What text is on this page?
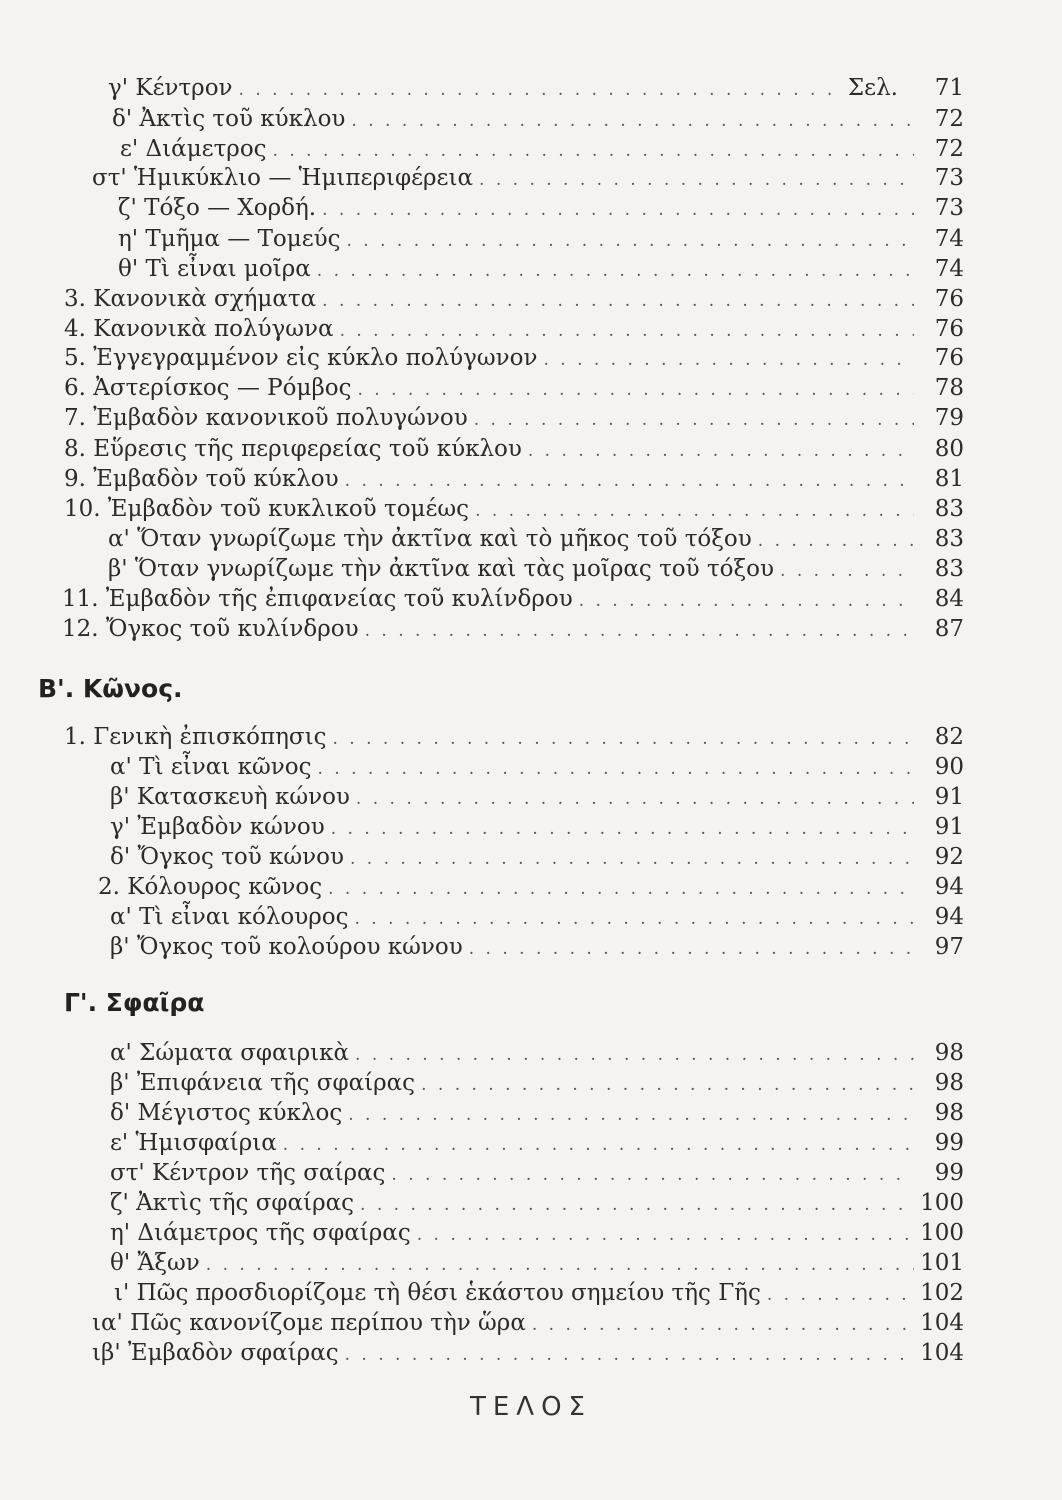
γ' Κέντρον . . .	Σελ.	71
δ' Ἀκτὶς τοῦ κύκλου . . .	72
ε' Διάμετρος . . .	72
στ' Ἡμικύκλιο — Ἡμιπεριφέρεια . . .	73
ζ' Τόξο — Χορδή. . . .	73
η' Τμῆμα — Τομεύς . . .	74
θ' Τὶ εἶναι μοῖρα . . .	74
3. Κανονικὰ σχήματα . . .	76
4. Κανονικὰ πολύγωνα . . .	76
5. Ἐγγεγραμμένον εἰς κύκλο πολύγωνον . . .	76
6. Ἀστερίσκος — Ρόμβος . . .	78
7. Ἐμβαδὸν κανονικοῦ πολυγώνου . . .	79
8. Εὕρεσις τῆς περιφερείας τοῦ κύκλου . . .	80
9. Ἐμβαδὸν τοῦ κύκλου . . .	81
10. Ἐμβαδὸν τοῦ κυκλικοῦ τομέως . . .	83
α' Ὅταν γνωρίζωμε τὴν ἀκτῖνα καὶ τὸ μῆκος τοῦ τόξου . . .	83
β' Ὅταν γνωρίζωμε τὴν ἀκτῖνα καὶ τὰς μοῖρας τοῦ τόξου . . .	83
11. Ἐμβαδὸν τῆς ἐπιφανείας τοῦ κυλίνδρου . . .	84
12. Ὄγκος τοῦ κυλίνδρου . . .	87
Β'. Κῶνος.
1. Γενικὴ ἐπισκόπησις . . .	82
α' Τὶ εἶναι κῶνος . . .	90
β' Κατασκευὴ κώνου . . .	91
γ' Ἐμβαδὸν κώνου . . .	91
δ' Ὄγκος τοῦ κώνου . . .	92
2. Κόλουρος κῶνος . . .	94
α' Τὶ εἶναι κόλουρος . . .	94
β' Ὄγκος τοῦ κολούρου κώνου . . .	97
Γ'. Σφαῖρα
α' Σώματα σφαιρικὰ . . .	98
β' Ἐπιφάνεια τῆς σφαίρας . . .	98
δ' Μέγιστος κύκλος . . .	98
ε' Ἡμισφαίρια . . .	99
στ' Κέντρον τῆς σαίρας . . .	99
ζ' Ἀκτὶς τῆς σφαίρας . . .	100
η' Διάμετρος τῆς σφαίρας . . .	100
θ' Ἄξων . . .	101
ι' Πῶς προσδιορίζομε τὴ θέσι ἑκάστου σημείου τῆς Γῆς . . .	102
ια' Πῶς κανονίζομε περίπου τὴν ὥρα . . .	104
ιβ' Ἐμβαδὸν σφαίρας . . .	104
ΤΕΛΟΣ
